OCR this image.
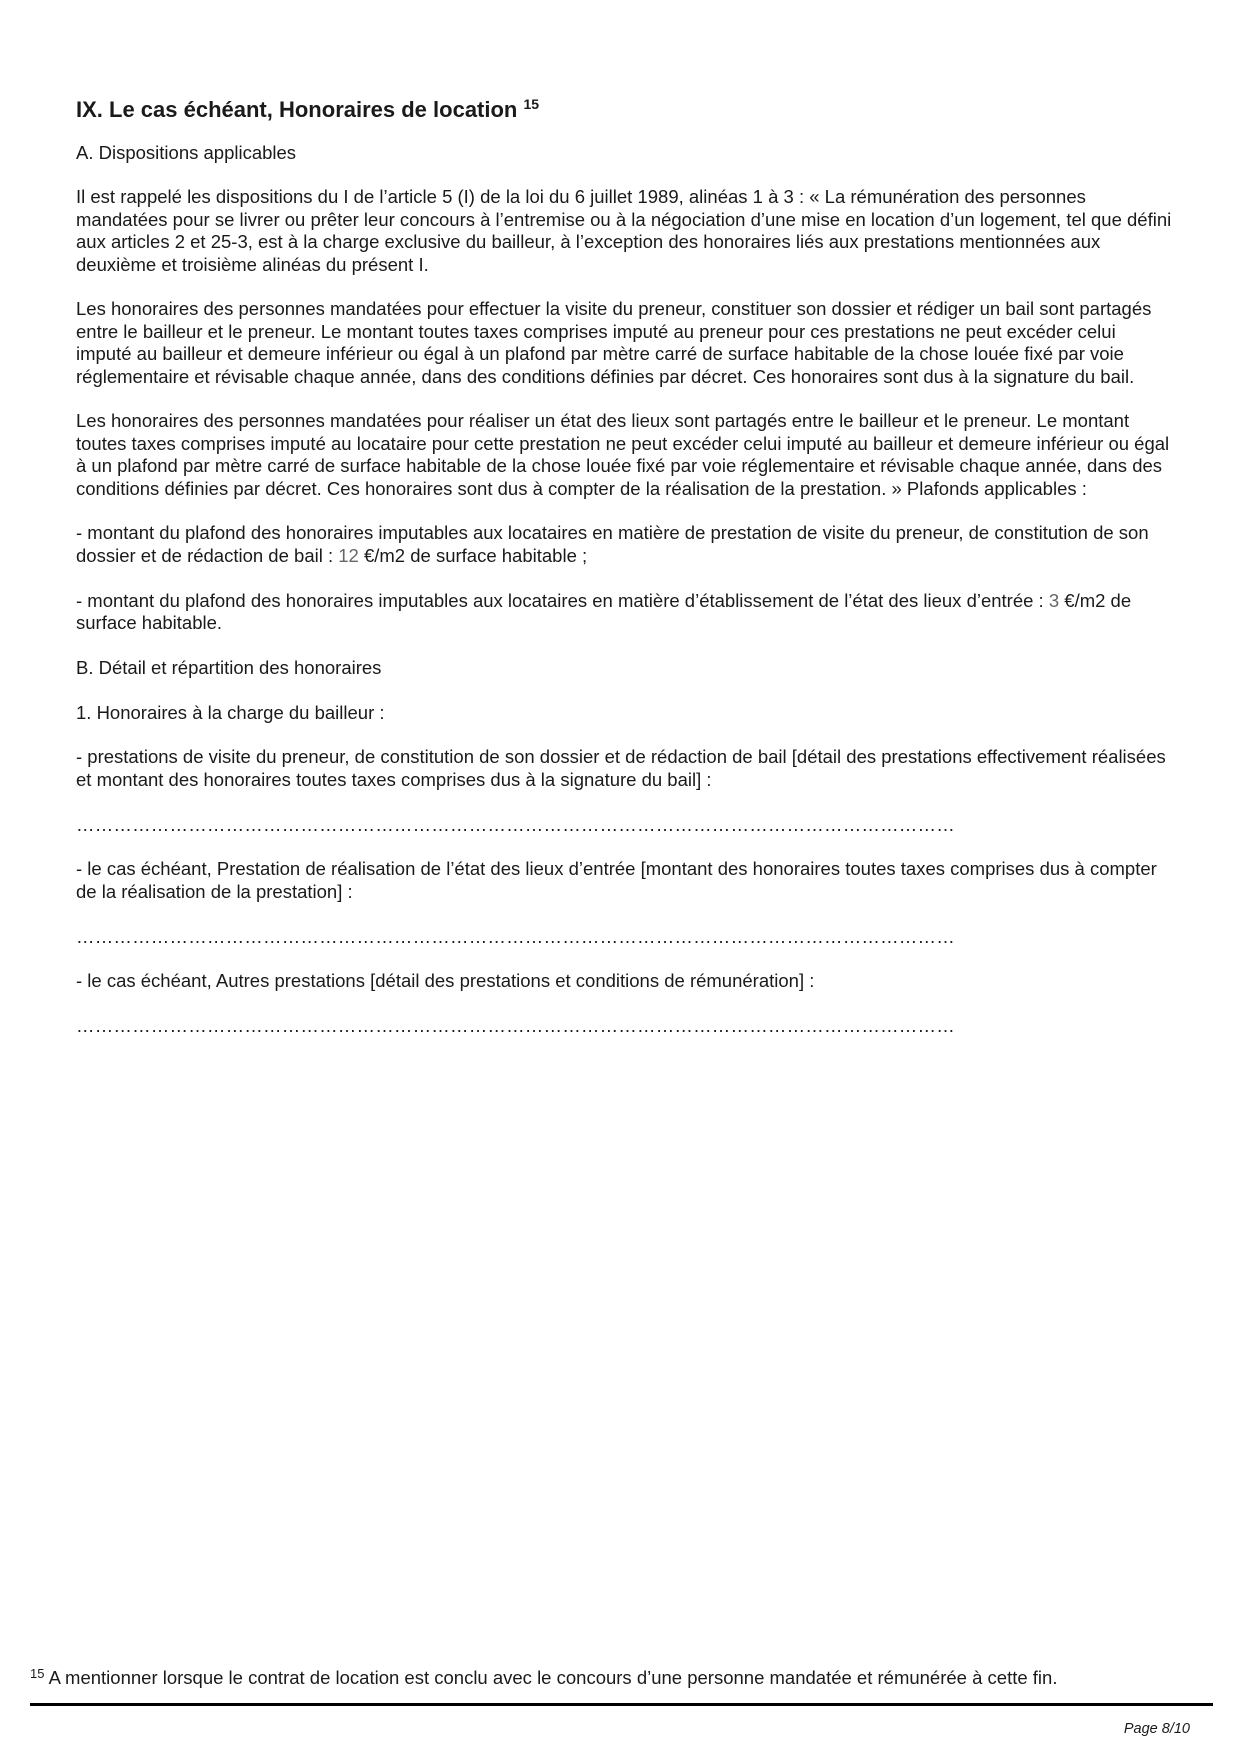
IX. Le cas échéant, Honoraires de location $^{15}$

A. Dispositions applicables

Il est rappelé les dispositions du I de l’article 5 (I) de la loi du 6 juillet 1989, alinéas 1 à 3 : « La rémunération des personnes mandatées pour se livrer ou prêter leur concours à l’entremise ou à la négociation d’une mise en location d’un logement, tel que défini aux articles 2 et 25-3, est à la charge exclusive du bailleur, à l’exception des honoraires liés aux prestations mentionnées aux deuxième et troisième alinéas du présent I.

Les honoraires des personnes mandatées pour effectuer la visite du preneur, constituer son dossier et rédiger un bail sont partagés entre le bailleur et le preneur. Le montant toutes taxes comprises imputé au preneur pour ces prestations ne peut excéder celui imputé au bailleur et demeure inférieur ou égal à un plafond par mètre carré de surface habitable de la chose louée fixé par voie réglementaire et révisable chaque année, dans des conditions définies par décret. Ces honoraires sont dus à la signature du bail.

Les honoraires des personnes mandatées pour réaliser un état des lieux sont partagés entre le bailleur et le preneur. Le montant toutes taxes comprises imputé au locataire pour cette prestation ne peut excéder celui imputé au bailleur et demeure inférieur ou égal à un plafond par mètre carré de surface habitable de la chose louée fixé par voie réglementaire et révisable chaque année, dans des conditions définies par décret. Ces honoraires sont dus à compter de la réalisation de la prestation. » Plafonds applicables :

- montant du plafond des honoraires imputables aux locataires en matière de prestation de visite du preneur, de constitution de son dossier et de rédaction de bail : 12 €/m2 de surface habitable ;

- montant du plafond des honoraires imputables aux locataires en matière d’établissement de l’état des lieux d’entrée : 3 €/m2 de surface habitable.

B. Détail et répartition des honoraires

1. Honoraires à la charge du bailleur :

- prestations de visite du preneur, de constitution de son dossier et de rédaction de bail [détail des prestations effectivement réalisées et montant des honoraires toutes taxes comprises dus à la signature du bail] :

……………………………………………………………………………………………………………………………

- le cas échéant, Prestation de réalisation de l’état des lieux d’entrée [montant des honoraires toutes taxes comprises dus à compter de la réalisation de la prestation] :

……………………………………………………………………………………………………………………………

- le cas échéant, Autres prestations [détail des prestations et conditions de rémunération] :

……………………………………………………………………………………………………………………………

$^{15}$ A mentionner lorsque le contrat de location est conclu avec le concours d’une personne mandatée et rémunérée à cette fin.
Page 8/10
